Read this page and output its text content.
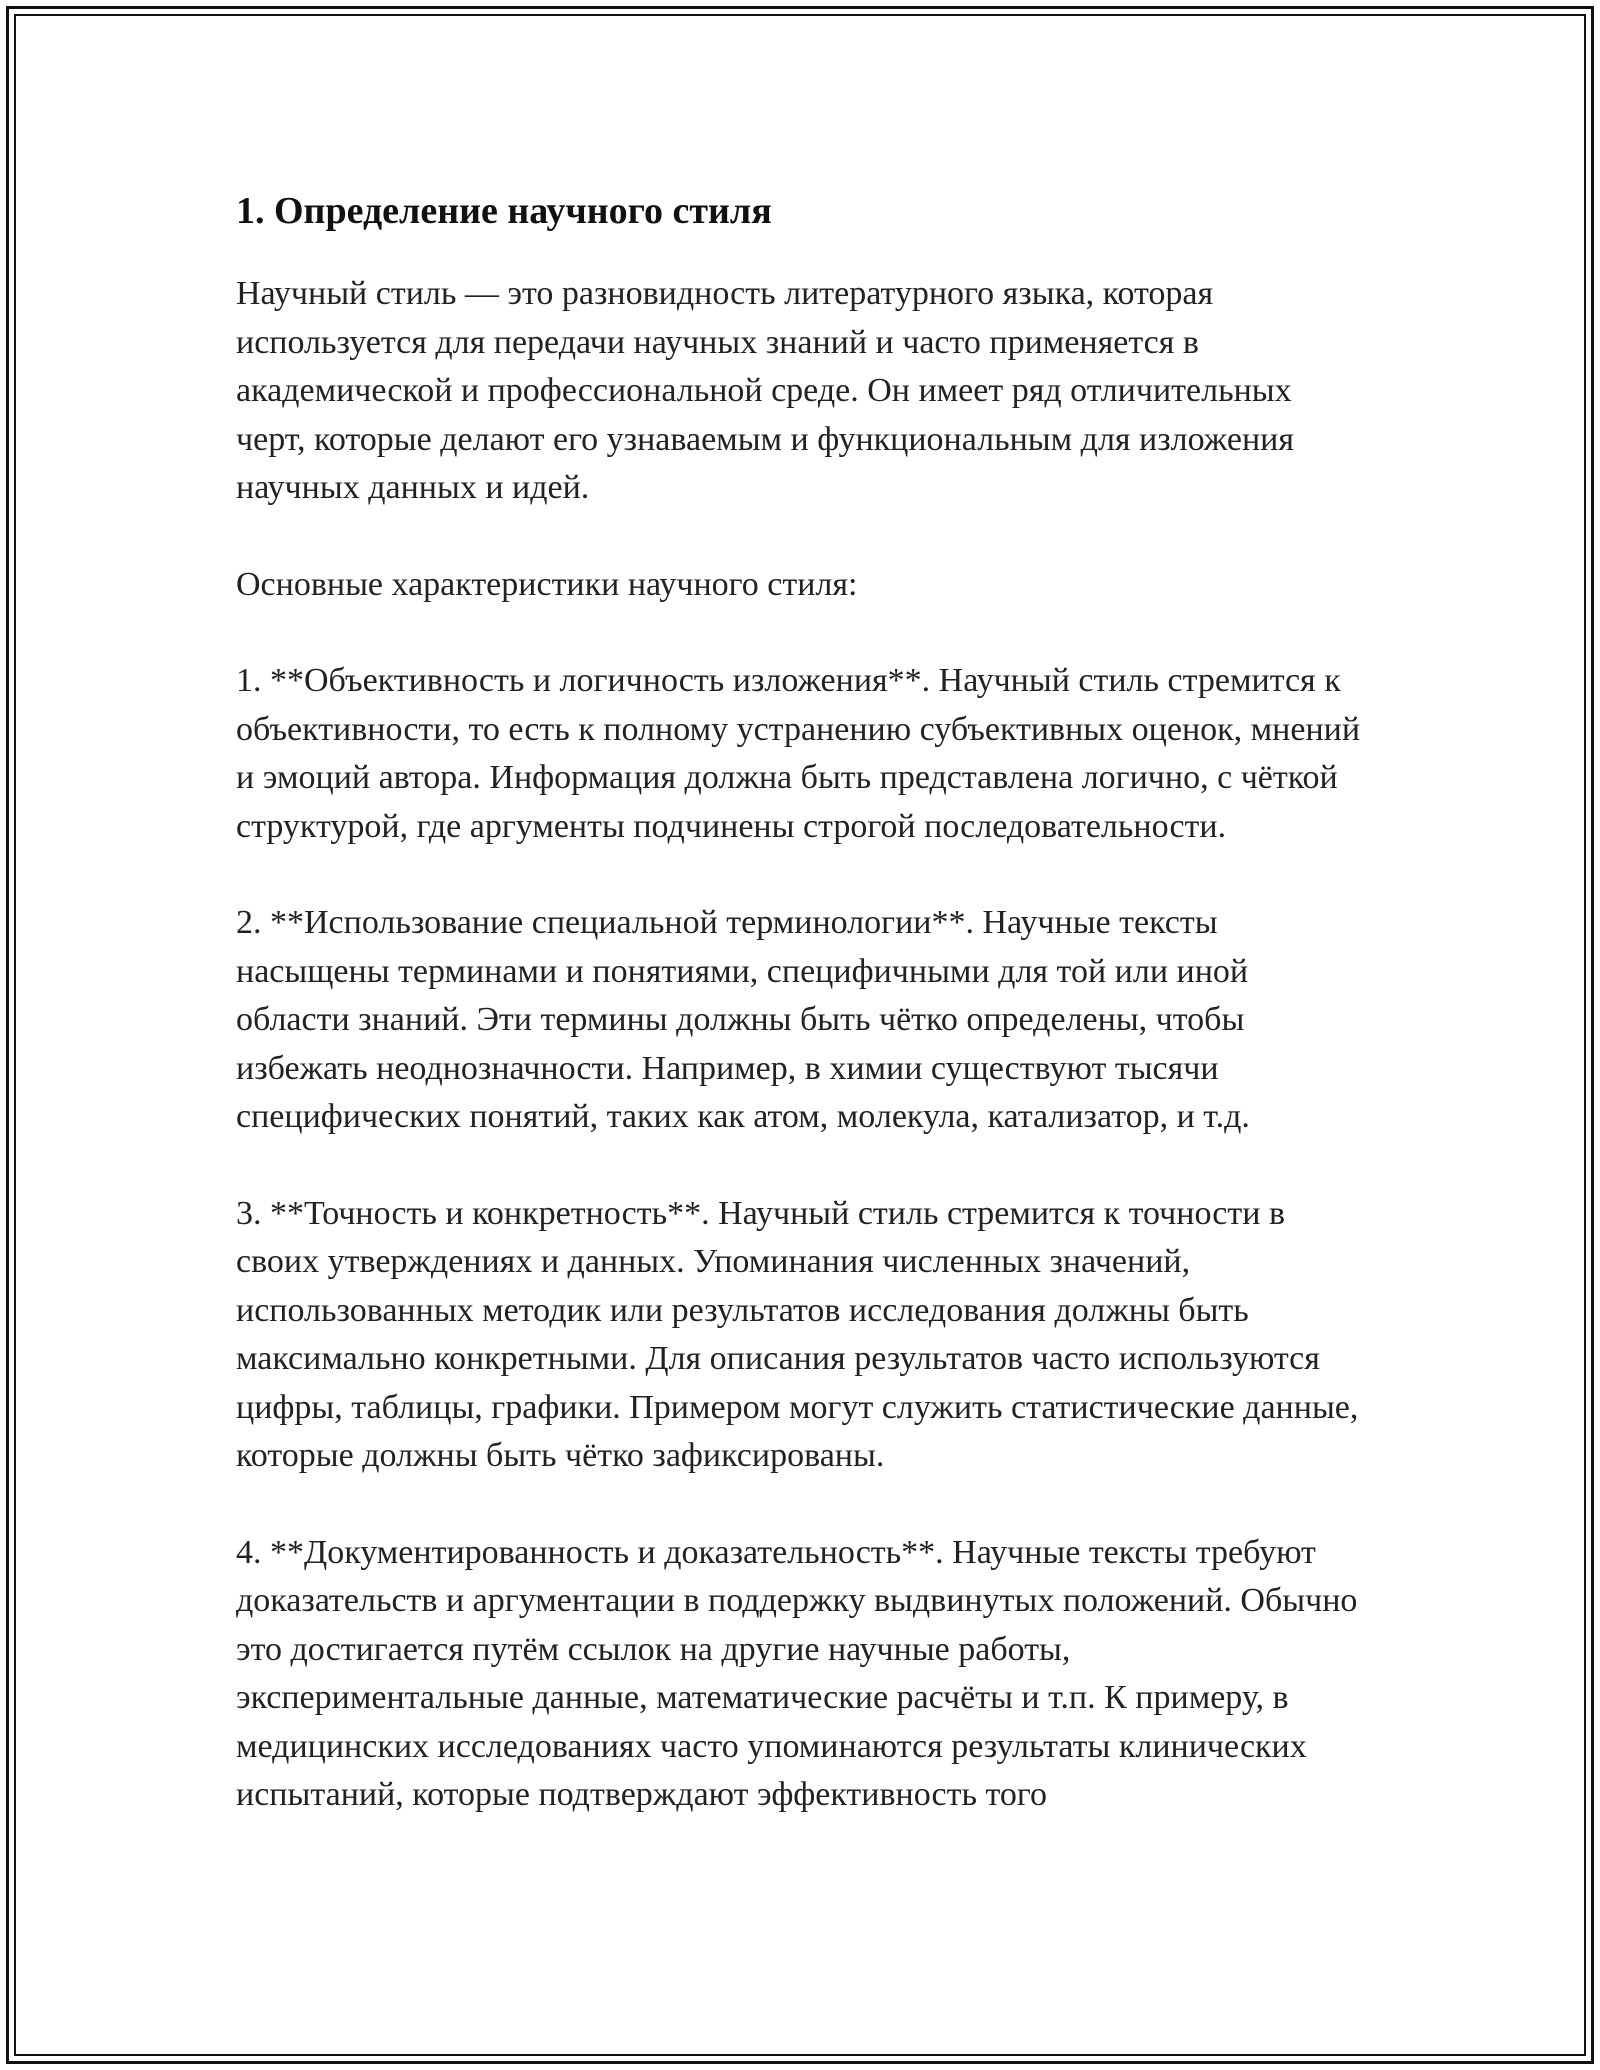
1. Определение научного стиля

Научный стиль — это разновидность литературного языка, которая используется для передачи научных знаний и часто применяется в академической и профессиональной среде. Он имеет ряд отличительных черт, которые делают его узнаваемым и функциональным для изложения научных данных и идей.

Основные характеристики научного стиля:

1. **Объективность и логичность изложения**. Научный стиль стремится к объективности, то есть к полному устранению субъективных оценок, мнений и эмоций автора. Информация должна быть представлена логично, с чёткой структурой, где аргументы подчинены строгой последовательности.

2. **Использование специальной терминологии**. Научные тексты насыщены терминами и понятиями, специфичными для той или иной области знаний. Эти термины должны быть чётко определены, чтобы избежать неоднозначности. Например, в химии существуют тысячи специфических понятий, таких как атом, молекула, катализатор, и т.д.

3. **Точность и конкретность**. Научный стиль стремится к точности в своих утверждениях и данных. Упоминания численных значений, использованных методик или результатов исследования должны быть максимально конкретными. Для описания результатов часто используются цифры, таблицы, графики. Примером могут служить статистические данные, которые должны быть чётко зафиксированы.

4. **Документированность и доказательность**. Научные тексты требуют доказательств и аргументации в поддержку выдвинутых положений. Обычно это достигается путём ссылок на другие научные работы, экспериментальные данные, математические расчёты и т.п. К примеру, в медицинских исследованиях часто упоминаются результаты клинических испытаний, которые подтверждают эффективность того
